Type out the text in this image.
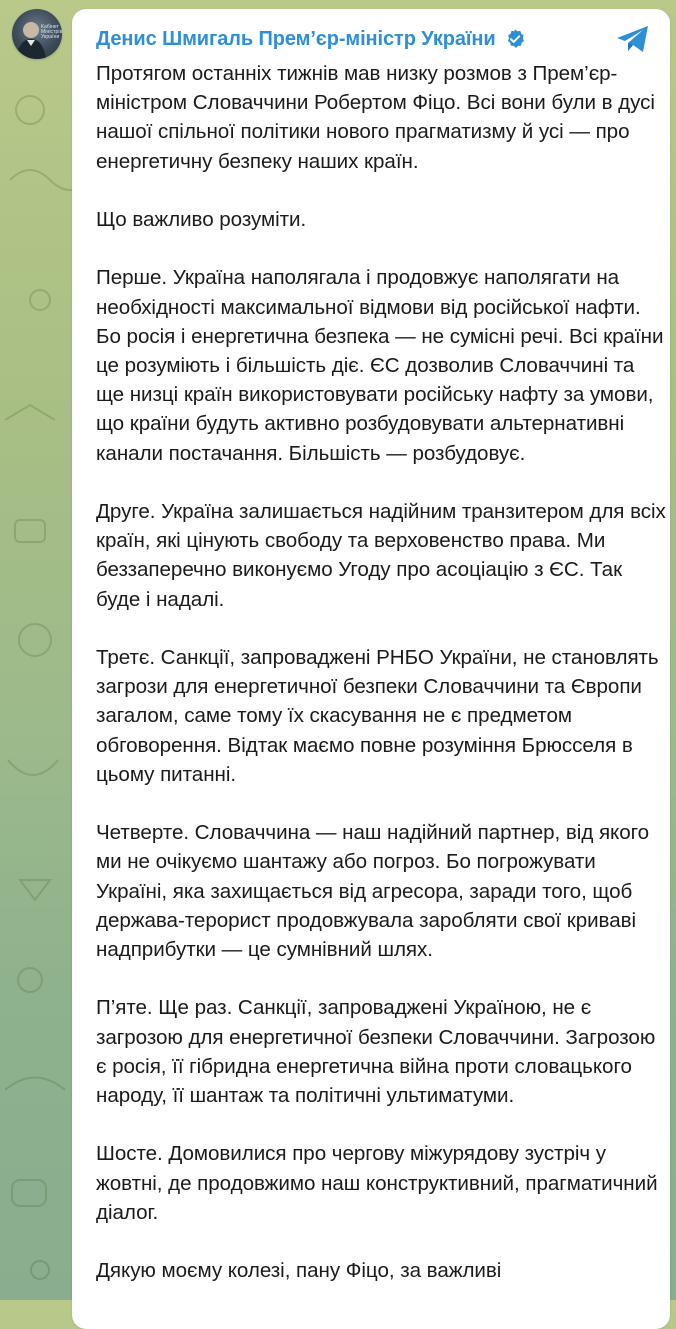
Кабінет
Міністрів України Денис Шмигаль Прем’єр-міністр України

Протягом останніх тижнів мав низку розмов з Прем’єр-міністром Словаччини Робертом Фіцо. Всі вони були в дусі нашої спільної політики нового прагматизму й усі — про енергетичну безпеку наших країн.

Що важливо розуміти.

Перше. Україна наполягала і продовжує наполягати на необхідності максимальної відмови від російської нафти. Бо росія і енергетична безпека — не сумісні речі. Всі країни це розуміють і більшість діє. ЄС дозволив Словаччині та ще низці країн використовувати російську нафту за умови, що країни будуть активно розбудовувати альтернативні канали постачання. Більшість — розбудовує.

Друге. Україна залишається надійним транзитером для всіх країн, які цінують свободу та верховенство права. Ми беззаперечно виконуємо Угоду про асоціацію з ЄС. Так буде і надалі.

Третє. Санкції, запроваджені РНБО України, не становлять загрози для енергетичної безпеки Словаччини та Європи загалом, саме тому їх скасування не є предметом обговорення. Відтак маємо повне розуміння Брюсселя в цьому питанні.

Четверте. Словаччина — наш надійний партнер, від якого ми не очікуємо шантажу або погроз. Бо погрожувати Україні, яка захищається від агресора, заради того, щоб держава-терорист продовжувала заробляти свої криваві надприбутки — це сумнівний шлях.

П’яте. Ще раз. Санкції, запроваджені Україною, не є загрозою для енергетичної безпеки Словаччини. Загрозою є росія, її гібридна енергетична війна проти словацького народу, її шантаж та політичні ультиматуми.

Шосте. Домовилися про чергову міжурядову зустріч у жовтні, де продовжимо наш конструктивний, прагматичний діалог.

Дякую моєму колезі, пану Фіцо, за важливі
